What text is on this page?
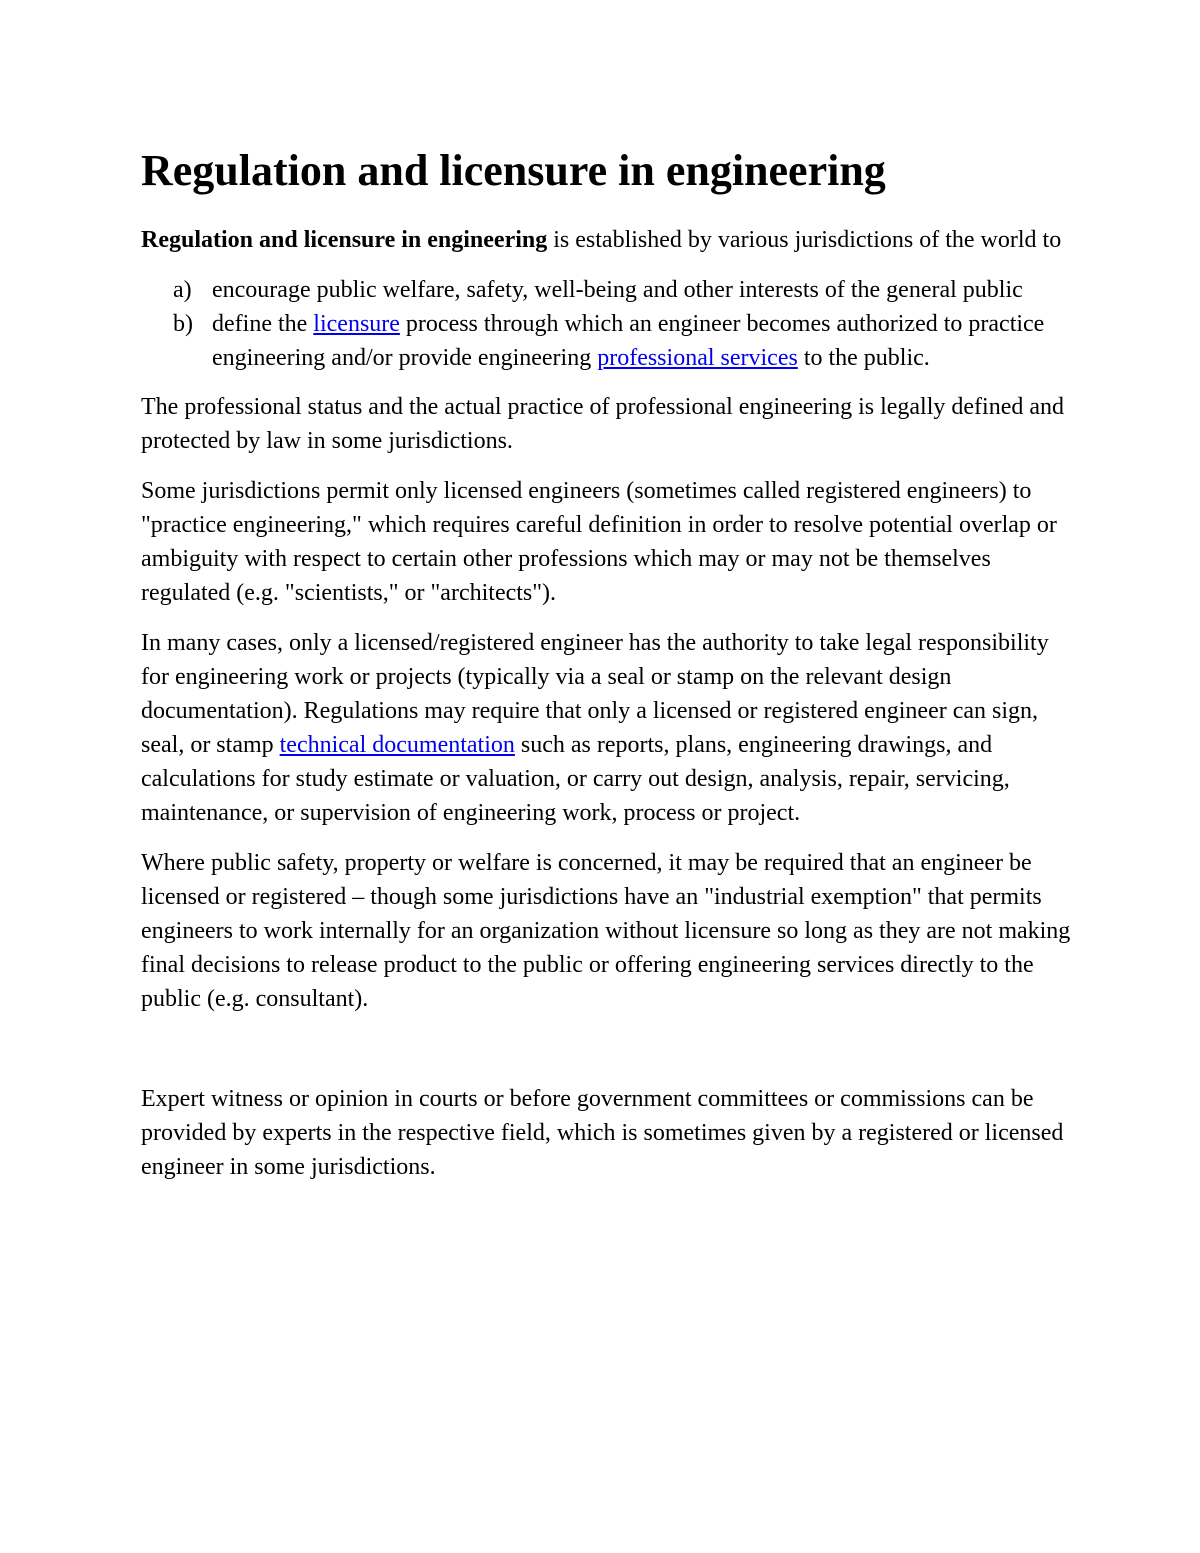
Regulation and licensure in engineering

Regulation and licensure in engineering is established by various jurisdictions of the world to

a) encourage public welfare, safety, well-being and other interests of the general public
b) define the licensure process through which an engineer becomes authorized to practice engineering and/or provide engineering professional services to the public.

The professional status and the actual practice of professional engineering is legally defined and protected by law in some jurisdictions.

Some jurisdictions permit only licensed engineers (sometimes called registered engineers) to "practice engineering," which requires careful definition in order to resolve potential overlap or ambiguity with respect to certain other professions which may or may not be themselves regulated (e.g. "scientists," or "architects").

In many cases, only a licensed/registered engineer has the authority to take legal responsibility for engineering work or projects (typically via a seal or stamp on the relevant design documentation). Regulations may require that only a licensed or registered engineer can sign, seal, or stamp technical documentation such as reports, plans, engineering drawings, and calculations for study estimate or valuation, or carry out design, analysis, repair, servicing, maintenance, or supervision of engineering work, process or project.

Where public safety, property or welfare is concerned, it may be required that an engineer be licensed or registered – though some jurisdictions have an "industrial exemption" that permits engineers to work internally for an organization without licensure so long as they are not making final decisions to release product to the public or offering engineering services directly to the public (e.g. consultant).

Expert witness or opinion in courts or before government committees or commissions can be provided by experts in the respective field, which is sometimes given by a registered or licensed engineer in some jurisdictions.
